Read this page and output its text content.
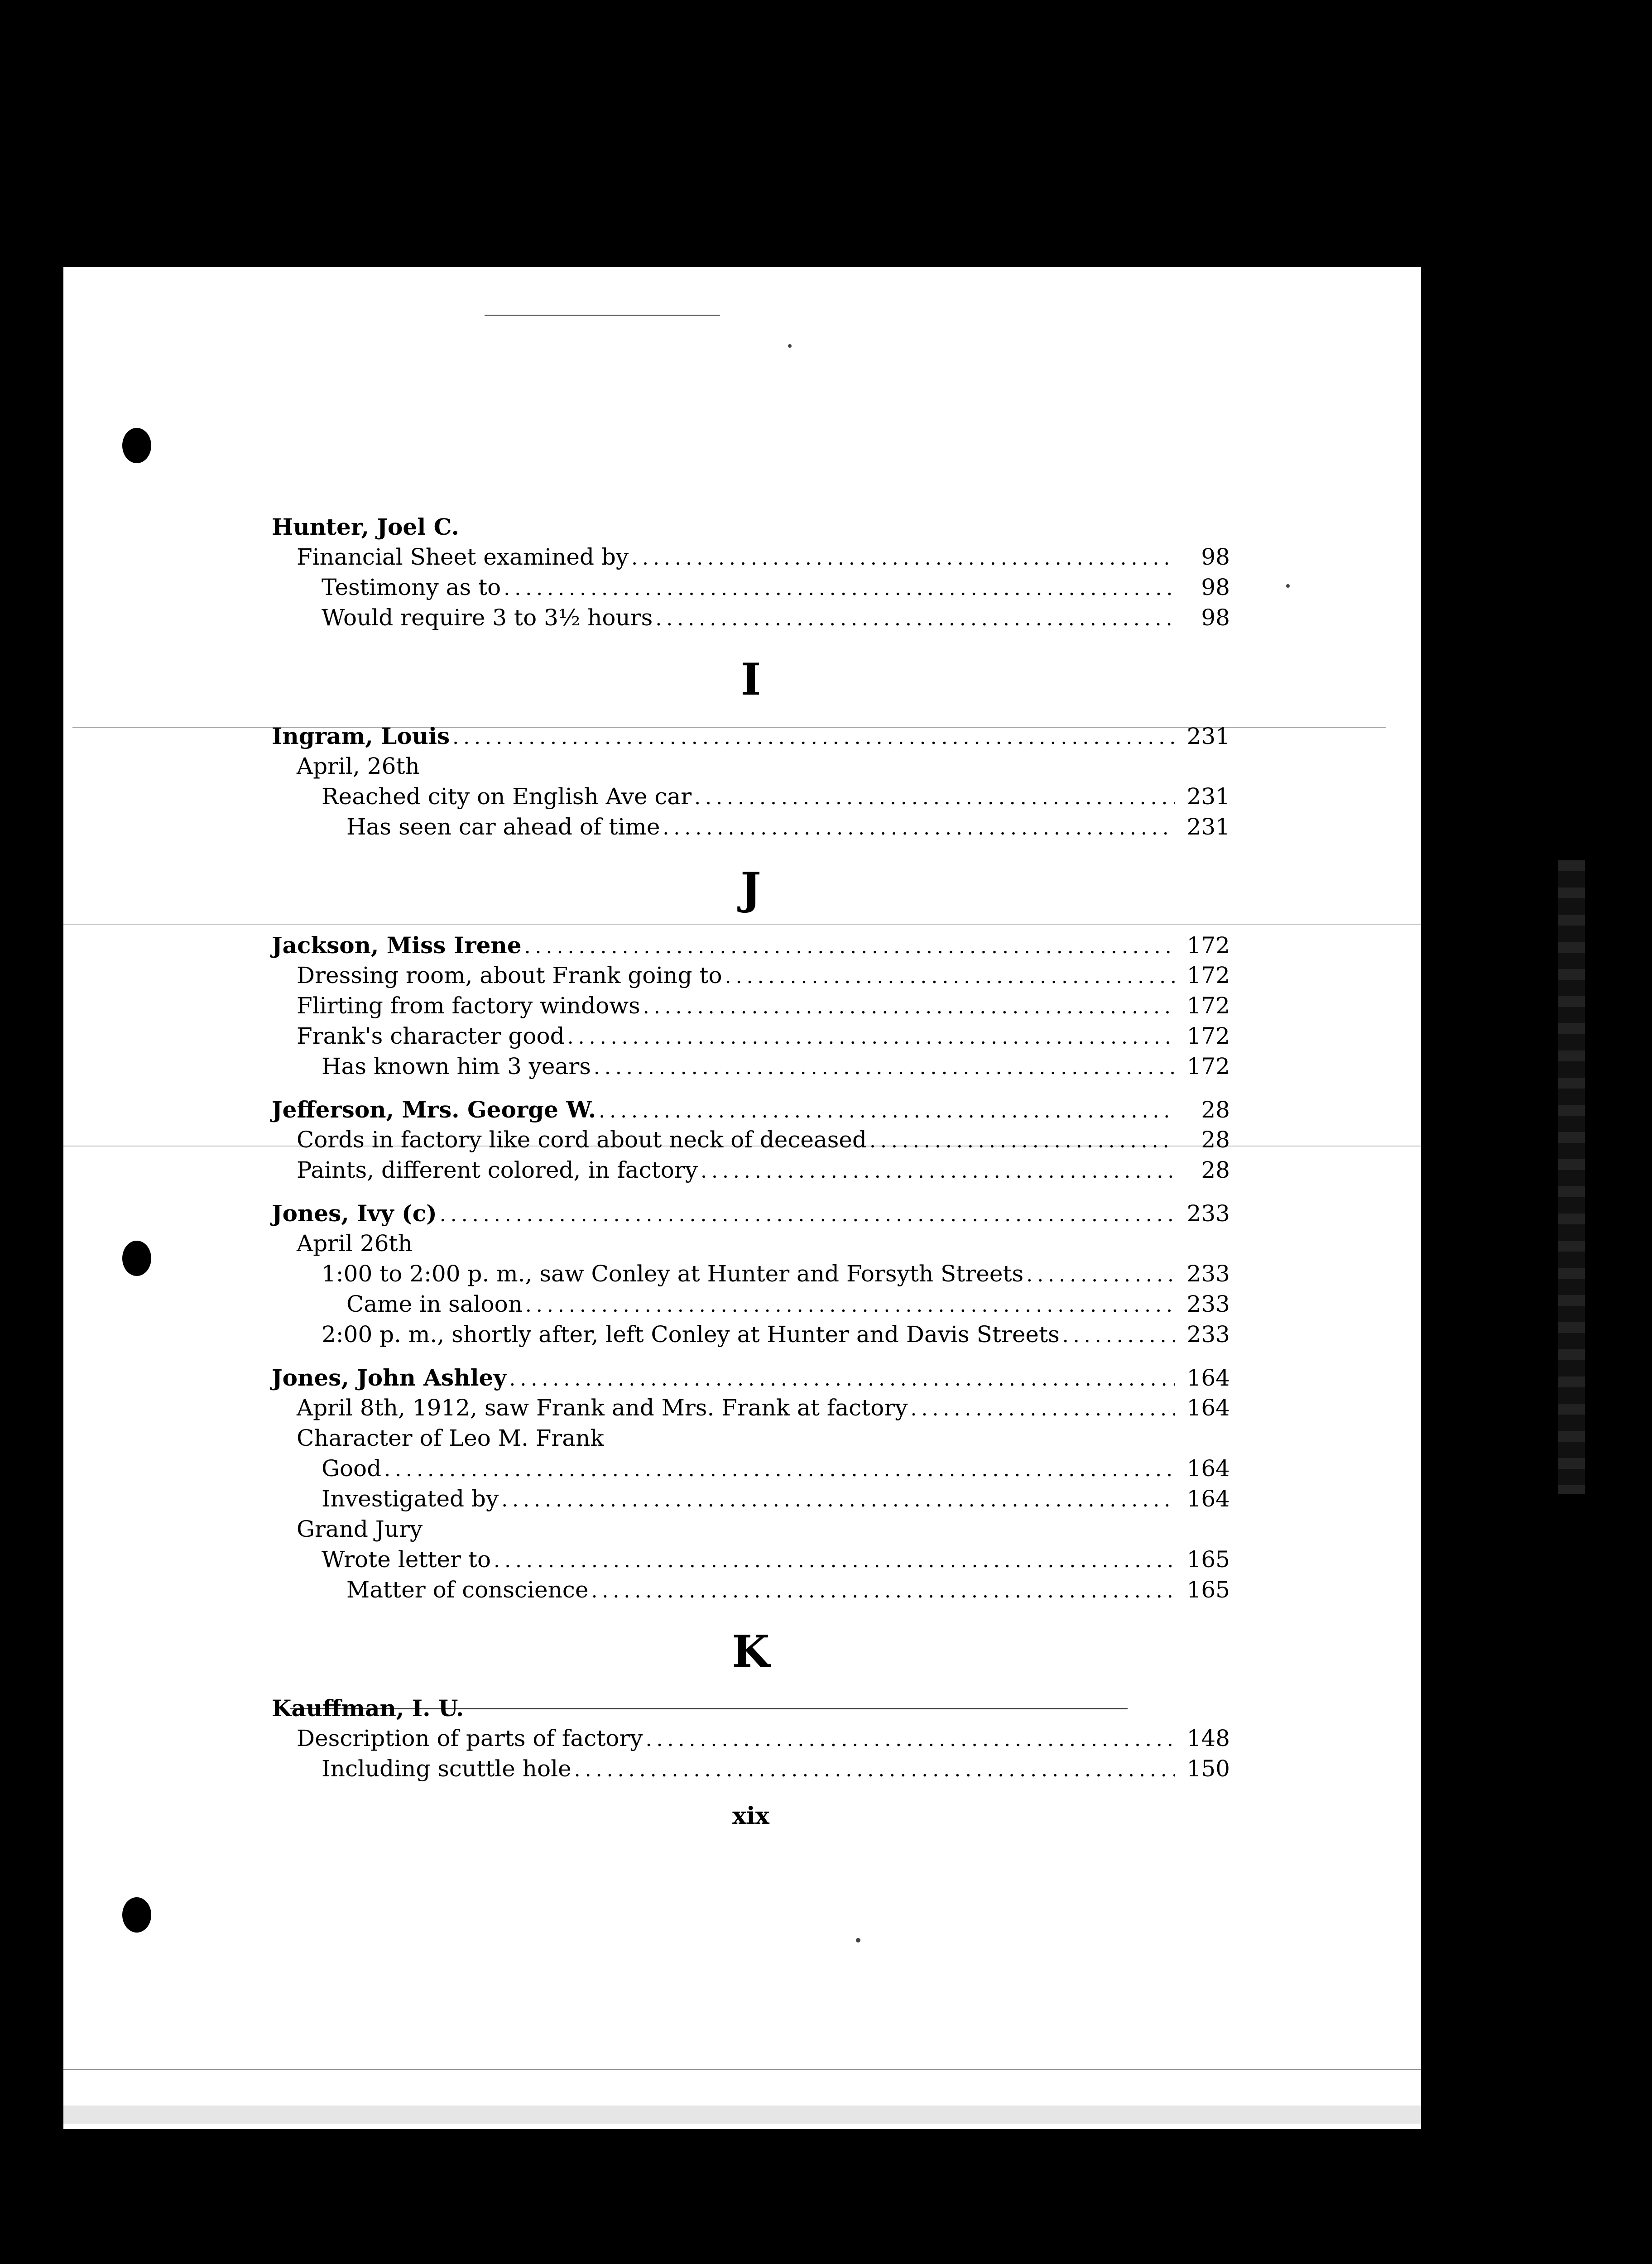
Hunter, Joel C.
Financial Sheet examined by .....	98
Testimony as to .....	98
Would require 3 to 3½ hours .....	98
I
Ingram, Louis .....	231
April, 26th
Reached city on English Ave car .....	231
Has seen car ahead of time .....	231
J
Jackson, Miss Irene .....	172
Dressing room, about Frank going to .....	172
Flirting from factory windows .....	172
Frank's character good .....	172
Has known him 3 years .....	172
Jefferson, Mrs. George W. .....	28
Cords in factory like cord about neck of deceased .....	28
Paints, different colored, in factory .....	28
Jones, Ivy (c) .....	233
April 26th
1:00 to 2:00 p. m., saw Conley at Hunter and Forsyth Streets .....	233
Came in saloon .....	233
2:00 p. m., shortly after, left Conley at Hunter and Davis Streets .....	233
Jones, John Ashley .....	164
April 8th, 1912, saw Frank and Mrs. Frank at factory .....	164
Character of Leo M. Frank
Good .....	164
Investigated by .....	164
Grand Jury
Wrote letter to .....	165
Matter of conscience .....	165
K
Kauffman, I. U.
Description of parts of factory .....	148
Including scuttle hole .....	150
xix
